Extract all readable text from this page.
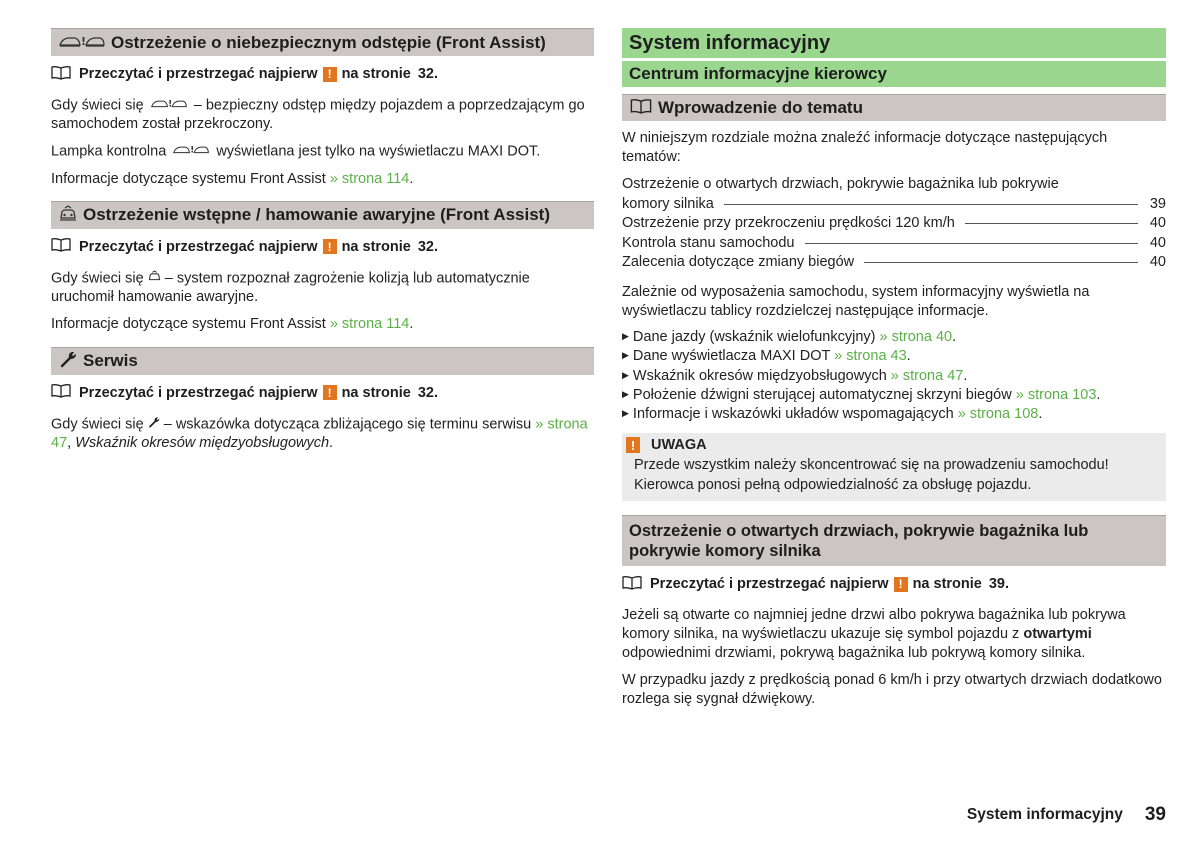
! Ostrzeżenie o niebezpiecznym odstępie (Front Assist)
Przeczytać i przestrzegać najpierw ! na stronie 32.

Gdy świeci się ! – bezpieczny odstęp między pojazdem a poprzedzającym go samochodem został przekroczony.

Lampka kontrolna ! wyświetlana jest tylko na wyświetlaczu MAXI DOT.

Informacje dotyczące systemu Front Assist » strona 114.

Ostrzeżenie wstępne / hamowanie awaryjne (Front Assist)
Przeczytać i przestrzegać najpierw ! na stronie 32.

Gdy świeci się – system rozpoznał zagrożenie kolizją lub automatycznie uruchomił hamowanie awaryjne.

Informacje dotyczące systemu Front Assist » strona 114.

Serwis
Przeczytać i przestrzegać najpierw ! na stronie 32.

Gdy świeci się – wskazówka dotycząca zbliżającego się terminu serwisu » strona 47, Wskaźnik okresów międzyobsługowych.

System informacyjny
Centrum informacyjne kierowcy
Wprowadzenie do tematu

W niniejszym rozdziale można znaleźć informacje dotyczące następujących tematów:

Ostrzeżenie o otwartych drzwiach, pokrywie bagażnika lub pokrywie
komory silnika	39
Ostrzeżenie przy przekroczeniu prędkości 120 km/h	40
Kontrola stanu samochodu	40
Zalecenia dotyczące zmiany biegów	40

Zależnie od wyposażenia samochodu, system informacyjny wyświetla na wyświetlaczu tablicy rozdzielczej następujące informacje.

▶ Dane jazdy (wskaźnik wielofunkcyjny) » strona 40.
▶ Dane wyświetlacza MAXI DOT » strona 43.
▶ Wskaźnik okresów międzyobsługowych » strona 47.
▶ Położenie dźwigni sterującej automatycznej skrzyni biegów » strona 103.
▶ Informacje i wskazówki układów wspomagających » strona 108.
!	UWAGA
Przede wszystkim należy skoncentrować się na prowadzeniu samochodu!
Kierowca ponosi pełną odpowiedzialność za obsługę pojazdu.
Ostrzeżenie o otwartych drzwiach, pokrywie bagażnika lub
pokrywie komory silnika
Przeczytać i przestrzegać najpierw ! na stronie 39.

Jeżeli są otwarte co najmniej jedne drzwi albo pokrywa bagażnika lub pokrywa komory silnika, na wyświetlaczu ukazuje się symbol pojazdu z otwartymi odpowiednimi drzwiami, pokrywą bagażnika lub pokrywą komory silnika.

W przypadku jazdy z prędkością ponad 6 km/h i przy otwartych drzwiach dodatkowo rozlega się sygnał dźwiękowy.

System informacyjny 39
